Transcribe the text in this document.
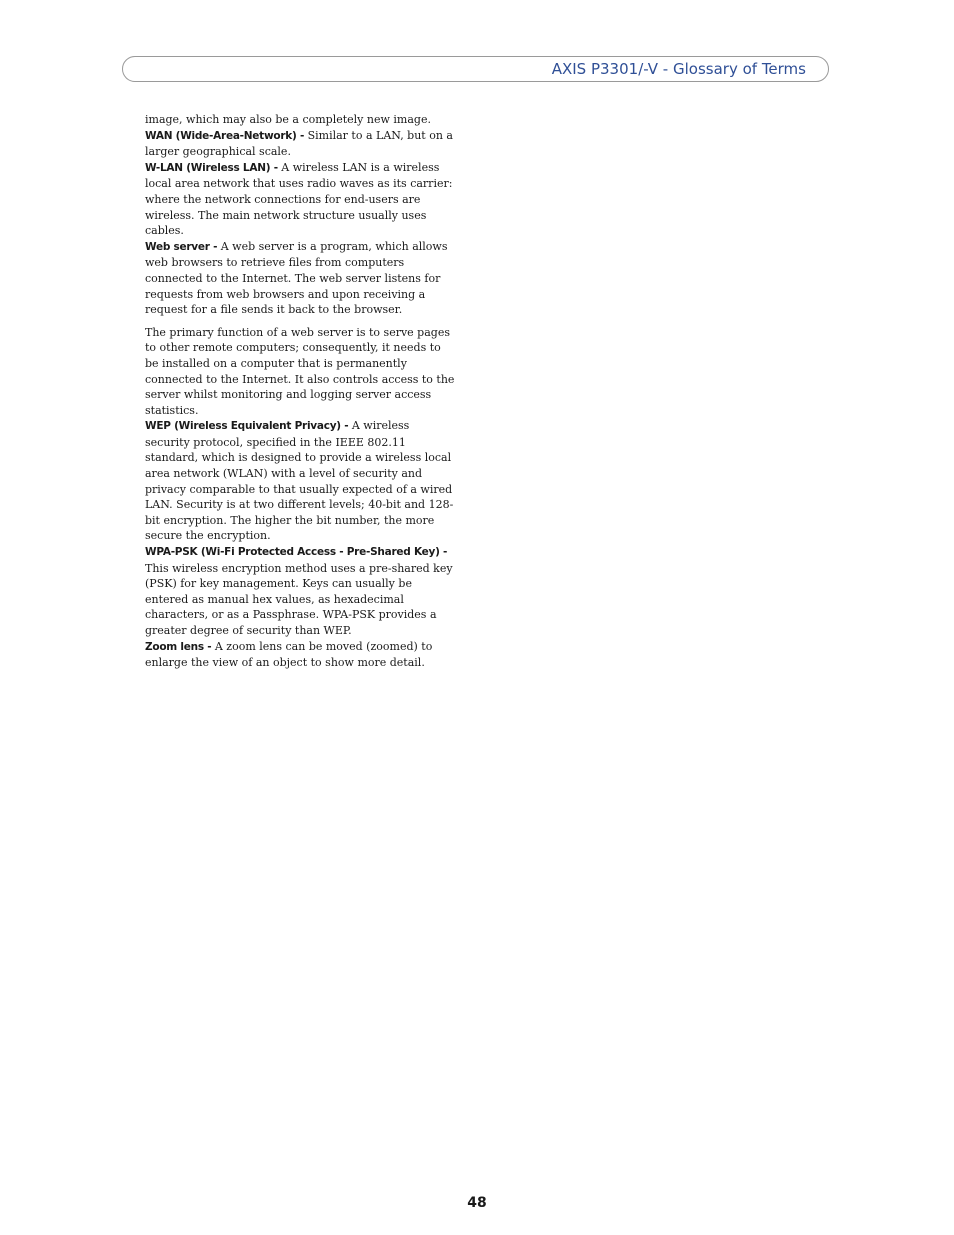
AXIS P3301/-V - Glossary of Terms

image, which may also be a completely new image.

WAN (Wide-Area-Network) - Similar to a LAN, but on a larger geographical scale.

W-LAN (Wireless LAN) - A wireless LAN is a wireless local area network that uses radio waves as its carrier: where the network connections for end-users are wireless. The main network structure usually uses cables.

Web server - A web server is a program, which allows web browsers to retrieve files from computers connected to the Internet. The web server listens for requests from web browsers and upon receiving a request for a file sends it back to the browser.

The primary function of a web server is to serve pages to other remote computers; consequently, it needs to be installed on a computer that is permanently connected to the Internet. It also controls access to the server whilst monitoring and logging server access statistics.

WEP (Wireless Equivalent Privacy) - A wireless security protocol, specified in the IEEE 802.11 standard, which is designed to provide a wireless local area network (WLAN) with a level of security and privacy comparable to that usually expected of a wired LAN. Security is at two different levels; 40-bit and 128-bit encryption. The higher the bit number, the more secure the encryption.

WPA-PSK (Wi-Fi Protected Access - Pre-Shared Key) - This wireless encryption method uses a pre-shared key (PSK) for key management. Keys can usually be entered as manual hex values, as hexadecimal characters, or as a Passphrase. WPA-PSK provides a greater degree of security than WEP.

Zoom lens - A zoom lens can be moved (zoomed) to enlarge the view of an object to show more detail.

48
